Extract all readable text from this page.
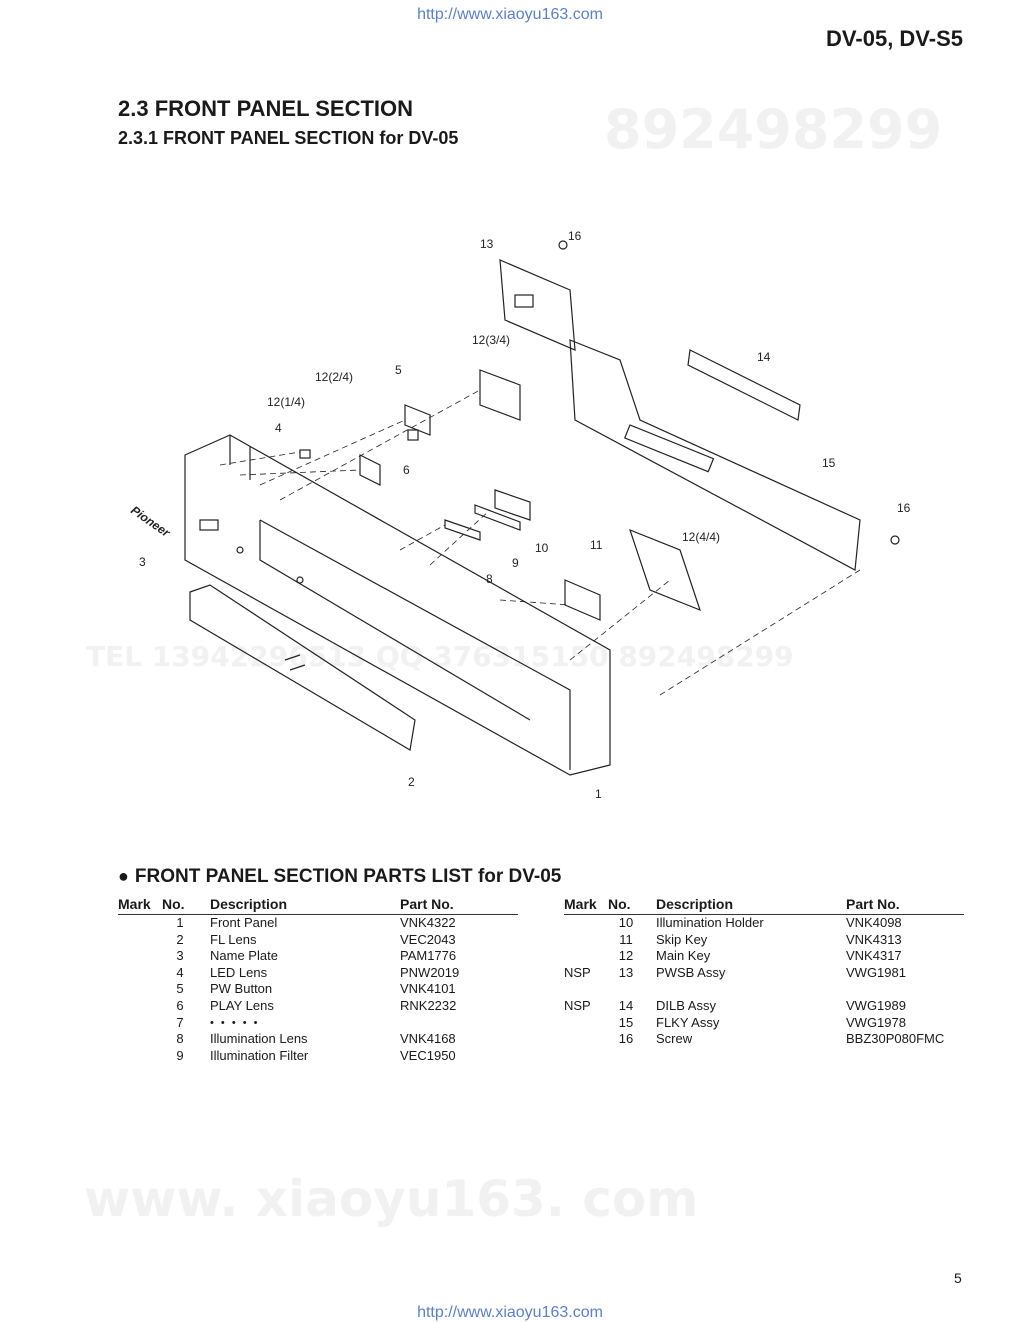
http://www.xiaoyu163.com
DV-05, DV-S5
892498299
TEL 13942296513 QQ 376315150 892498299
www. xiaoyu163. com
2.3 FRONT PANEL SECTION
2.3.1 FRONT PANEL SECTION for DV-05
1
2
3
4
5
6
8
9
10	11
12(1/4)
12(2/4)
12(3/4)
12(4/4)
13
14
15
16
16
Pioneer
● FRONT PANEL SECTION PARTS LIST for DV-05
Mark	No.	Description	Part No.
	1	Front Panel	VNK4322
	2	FL Lens	VEC2043
	3	Name Plate	PAM1776
	4	LED Lens	PNW2019
	5	PW Button	VNK4101
	6	PLAY Lens	RNK2232
	7	• • • • •	
	8	Illumination Lens	VNK4168
	9	Illumination Filter	VEC1950
Mark	No.	Description	Part No.
	10	Illumination Holder	VNK4098
	11	Skip Key	VNK4313
	12	Main Key	VNK4317
NSP	13	PWSB Assy	VWG1981

NSP	14	DILB Assy	VWG1989
	15	FLKY Assy	VWG1978
	16	Screw	BBZ30P080FMC
5
http://www.xiaoyu163.com
